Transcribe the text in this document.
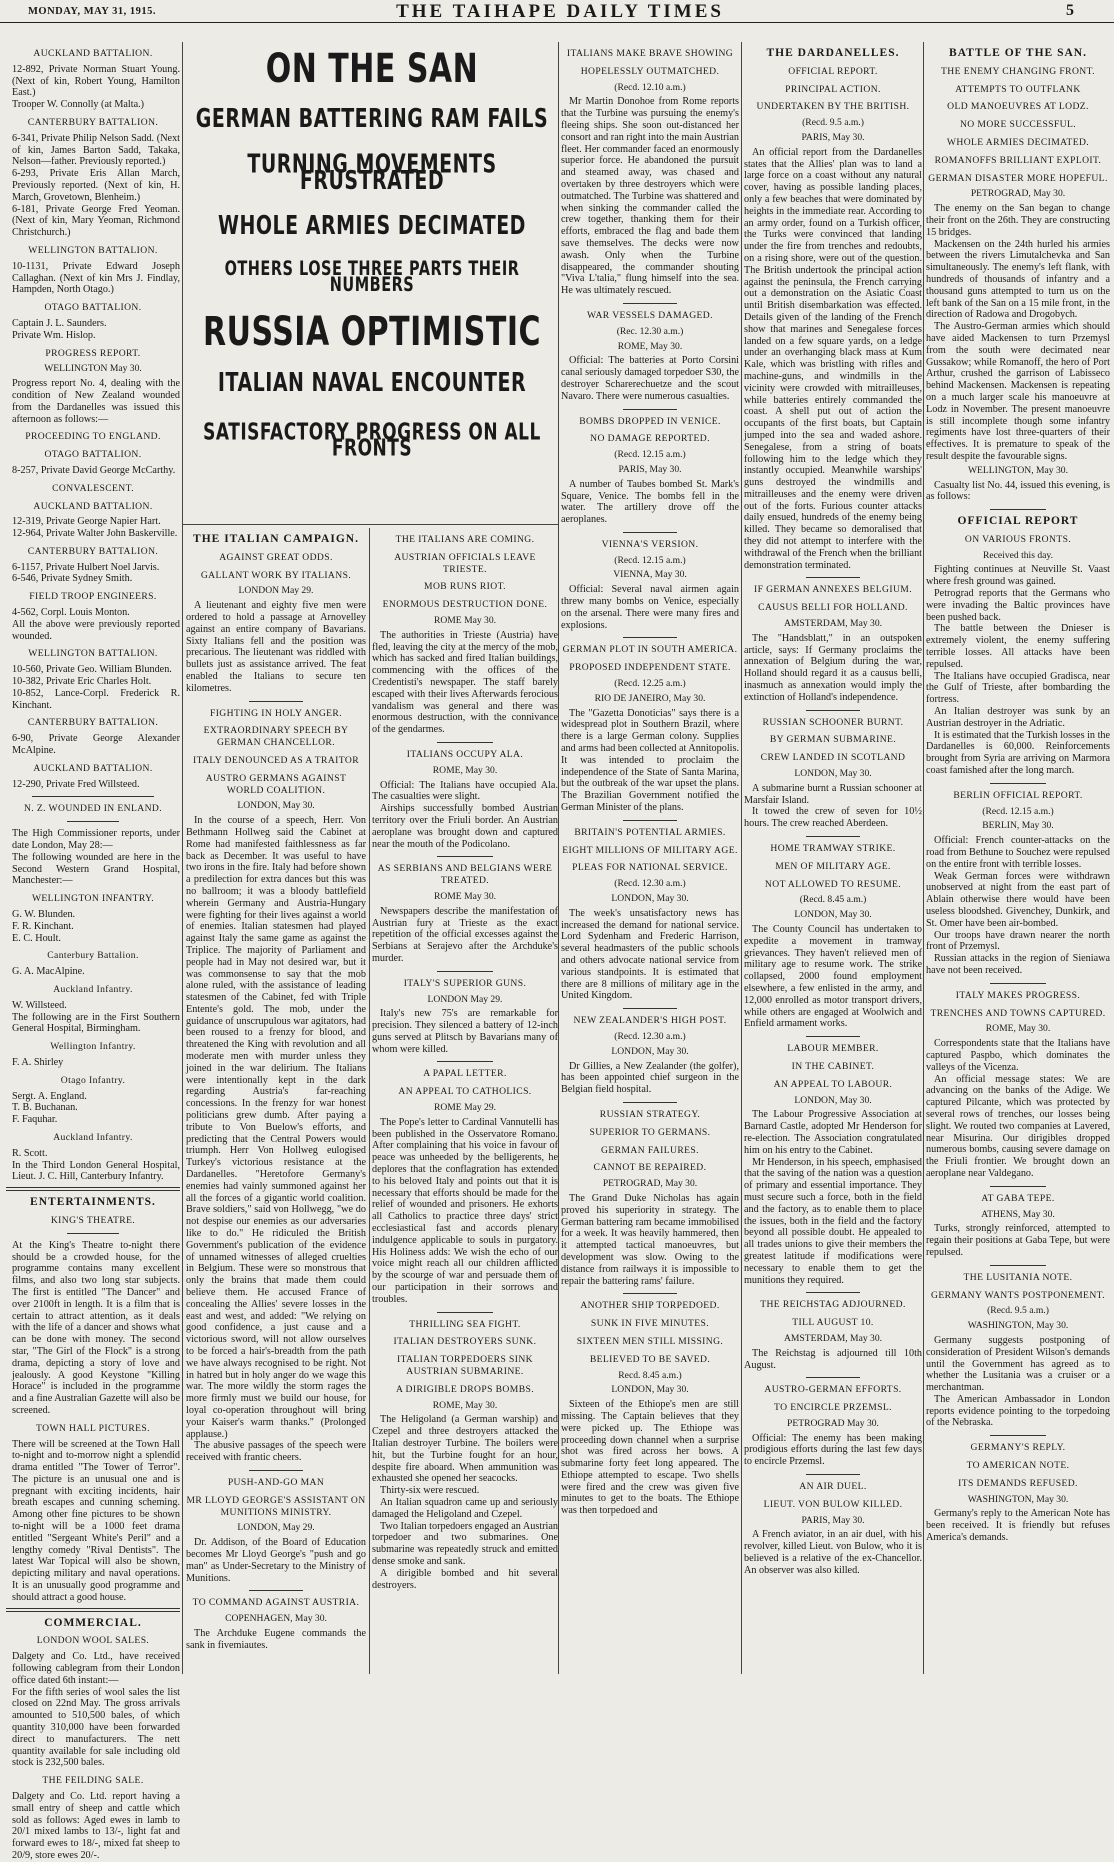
MONDAY, MAY 31, 1915.	THE TAIHAPE DAILY TIMES	5
AUCKLAND BATTALION.

12-892, Private Norman Stuart Young. (Next of kin, Robert Young, Hamilton East.)

Trooper W. Connolly (at Malta.)

CANTERBURY BATTALION.

6-341, Private Philip Nelson Sadd. (Next of kin, James Barton Sadd, Takaka, Nelson—father. Previously reported.)

6-293, Private Eris Allan March, Previously reported. (Next of kin, H. March, Grovetown, Blenheim.)

6-181, Private George Fred Yeoman. (Next of kin, Mary Yeoman, Richmond Christchurch.)

WELLINGTON BATTALION.

10-1131, Private Edward Joseph Callaghan. (Next of kin Mrs J. Findlay, Hampden, North Otago.)

OTAGO BATTALION.

Captain J. L. Saunders.

Private Wm. Hislop.

PROGRESS REPORT.
WELLINGTON May 30.

Progress report No. 4, dealing with the condition of New Zealand wounded from the Dardanelles was issued this afternoon as follows:—

PROCEEDING TO ENGLAND.
OTAGO BATTALION.

8-257, Private David George McCarthy.

CONVALESCENT.
AUCKLAND BATTALION.

12-319, Private George Napier Hart.

12-964, Private Walter John Baskerville.

CANTERBURY BATTALION.

6-1157, Private Hulbert Noel Jarvis.

6-546, Private Sydney Smith.

FIELD TROOP ENGINEERS.

4-562, Corpl. Louis Monton.

All the above were previously reported wounded.

WELLINGTON BATTALION.

10-560, Private Geo. William Blunden.

10-382, Private Eric Charles Holt.

10-852, Lance-Corpl. Frederick R. Kinchant.

CANTERBURY BATTALION.

6-90, Private George Alexander McAlpine.

AUCKLAND BATTALION.

12-290, Private Fred Willsteed.

N. Z. WOUNDED IN ENLAND.

The High Commissioner reports, under date London, May 28:—

The following wounded are here in the Second Western Grand Hospital, Manchester:—

WELLINGTON INFANTRY.

G. W. Blunden.

F. R. Kinchant.

E. C. Hoult.

Canterbury Battalion.

G. A. MacAlpine.

Auckland Infantry.

W. Willsteed.

The following are in the First Southern General Hospital, Birmingham.

Wellington Infantry.

F. A. Shirley

Otago Infantry.

Sergt. A. England.

T. B. Buchanan.

F. Faquhar.

Auckland Infantry.

R. Scott.

In the Third London General Hospital, Lieut. J. C. Hill, Canterbury Infantry.

ENTERTAINMENTS.
KING'S THEATRE.

At the King's Theatre to-night there should be a crowded house, for the programme contains many excellent films, and also two long star subjects. The first is entitled "The Dancer" and over 2100ft in length. It is a film that is certain to attract attention, as it deals with the life of a dancer and shows what can be done with money. The second star, "The Girl of the Flock" is a strong drama, depicting a story of love and jealously. A good Keystone "Killing Horace" is included in the programme and a fine Australian Gazette will also be screened.

TOWN HALL PICTURES.

There will be screened at the Town Hall to-night and to-morrow night a splendid drama entitled "The Tower of Terror". The picture is an unusual one and is pregnant with exciting incidents, hair breath escapes and cunning scheming. Among other fine pictures to be shown to-night will be a 1000 feet drama entitled "Sergeant White's Peril" and a lengthy comedy "Rival Dentists". The latest War Topical will also be shown, depicting military and naval operations. It is an unusually good programme and should attract a good house.

COMMERCIAL.
LONDON WOOL SALES.

Dalgety and Co. Ltd., have received following cablegram from their London office dated 6th instant:—

For the fifth series of wool sales the list closed on 22nd May. The gross arrivals amounted to 510,500 bales, of which quantity 310,000 have been forwarded direct to manufacturers. The nett quantity available for sale including old stock is 232,500 bales.

THE FEILDING SALE.

Dalgety and Co. Ltd. report having a small entry of sheep and cattle which sold as follows: Aged ewes in lamb to 20/1 mixed lambs to 13/-, light fat and forward ewes to 18/-, mixed fat sheep to 20/9, store ewes 20/-.

ON THE SAN
GERMAN BATTERING RAM FAILS
TURNING MOVEMENTS FRUSTRATED
WHOLE ARMIES DECIMATED
OTHERS LOSE THREE PARTS THEIR NUMBERS
RUSSIA OPTIMISTIC
ITALIAN NAVAL ENCOUNTER
SATISFACTORY PROGRESS ON ALL FRONTS
THE ITALIAN CAMPAIGN.
AGAINST GREAT ODDS.
GALLANT WORK BY ITALIANS.
LONDON May 29.

A lieutenant and eighty five men were ordered to hold a passage at Arnovelley against an entire company of Bavarians. Sixty Italians fell and the position was precarious. The lieutenant was riddled with bullets just as assistance arrived. The feat enabled the Italians to secure ten kilometres.

FIGHTING IN HOLY ANGER.
EXTRAORDINARY SPEECH BY GERMAN CHANCELLOR.
ITALY DENOUNCED AS A TRAITOR
AUSTRO GERMANS AGAINST WORLD COALITION.
LONDON, May 30.

In the course of a speech, Herr. Von Bethmann Hollweg said the Cabinet at Rome had manifested faithlessness as far back as December. It was useful to have two irons in the fire. Italy had before shown a predilection for extra dances but this was no ballroom; it was a bloody battlefield wherein Germany and Austria-Hungary were fighting for their lives against a world of enemies. Italian statesmen had played against Italy the same game as against the Triplice. The majority of Parliament and people had in May not desired war, but it was commonsense to say that the mob alone ruled, with the assistance of leading statesmen of the Cabinet, fed with Triple Entente's gold. The mob, under the guidance of unscrupulous war agitators, had been roused to a frenzy for blood, and threatened the King with revolution and all moderate men with murder unless they joined in the war delirium. The Italians were intentionally kept in the dark regarding Austria's far-reaching concessions. In the frenzy for war honest politicians grew dumb. After paying a tribute to Von Buelow's efforts, and predicting that the Central Powers would triumph. Herr Von Hollweg eulogised Turkey's victorious resistance at the Dardanelles. "Heretofore Germany's enemies had vainly summoned against her all the forces of a gigantic world coalition. Brave soldiers," said von Hollwegg, "we do not despise our enemies as our adversaries like to do." He ridiculed the British Government's publication of the evidence of unnamed witnesses of alleged cruelties in Belgium. These were so monstrous that only the brains that made them could believe them. He accused France of concealing the Allies' severe losses in the east and west, and added: "We relying on good confidence, a just cause and a victorious sword, will not allow ourselves to be forced a hair's-breadth from the path we have always recognised to be right. Not in hatred but in holy anger do we wage this war. The more wildly the storm rages the more firmly must we build our house, for loyal co-operation throughout will bring your Kaiser's warm thanks." (Prolonged applause.)

The abusive passages of the speech were received with frantic cheers.

PUSH-AND-GO MAN
MR LLOYD GEORGE'S ASSISTANT ON MUNITIONS MINISTRY.
LONDON, May 29.

Dr. Addison, of the Board of Education becomes Mr Lloyd George's "push and go man" as Under-Secretary to the Ministry of Munitions.

TO COMMAND AGAINST AUSTRIA.
COPENHAGEN, May 30.

The Archduke Eugene commands the sank in fivemiautes.

THE ITALIANS ARE COMING.
AUSTRIAN OFFICIALS LEAVE TRIESTE.
MOB RUNS RIOT.
ENORMOUS DESTRUCTION DONE.
ROME May 30.

The authorities in Trieste (Austria) have fled, leaving the city at the mercy of the mob, which has sacked and fired Italian buildings, commencing with the offices of the Credentisti's newspaper. The staff barely escaped with their lives Afterwards ferocious vandalism was general and there was enormous destruction, with the connivance of the gendarmes.

ITALIANS OCCUPY ALA.
ROME, May 30.

Official: The Italians have occupied Ala. The casualties were slight.

Airships successfully bombed Austrian territory over the Friuli border. An Austrian aeroplane was brought down and captured near the mouth of the Podicolano.

AS SERBIANS AND BELGIANS WERE TREATED.
ROME May 30.

Newspapers describe the manifestation of Austrian fury at Trieste as the exact repetition of the official excesses against the Serbians at Serajevo after the Archduke's murder.

ITALY'S SUPERIOR GUNS.
LONDON May 29.

Italy's new 75's are remarkable for precision. They silenced a battery of 12-inch guns served at Plitsch by Bavarians many of whom were killed.

A PAPAL LETTER.
AN APPEAL TO CATHOLICS.
ROME May 29.

The Pope's letter to Cardinal Vannutelli has been published in the Osservatore Romano. After complaining that his voice in favour of peace was unheeded by the belligerents, he deplores that the conflagration has extended to his beloved Italy and points out that it is necessary that efforts should be made for the relief of wounded and prisoners. He exhorts all Catholics to practice three days' strict ecclesiastical fast and accords plenary indulgence applicable to souls in purgatory. His Holiness adds: We wish the echo of our voice might reach all our children afflicted by the scourge of war and persuade them of our participation in their sorrows and troubles.

THRILLING SEA FIGHT.
ITALIAN DESTROYERS SUNK.
ITALIAN TORPEDOERS SINK AUSTRIAN SUBMARINE.
A DIRIGIBLE DROPS BOMBS.
ROME, May 30.

The Heligoland (a German warship) and Czepel and three destroyers attacked the Italian destroyer Turbine. The boilers were hit, but the Turbine fought for an hour, despite fire aboard. When ammunition was exhausted she opened her seacocks.

Thirty-six were rescued.

An Italian squadron came up and seriously damaged the Heligoland and Czepel.

Two Italian torpedoers engaged an Austrian torpedoer and two submarines. One submarine was repeatedly struck and emitted dense smoke and sank.

A dirigible bombed and hit several destroyers.

ITALIANS MAKE BRAVE SHOWING
HOPELESSLY OUTMATCHED.
(Recd. 12.10 a.m.)

Mr Martin Donohoe from Rome reports that the Turbine was pursuing the enemy's fleeing ships. She soon out-distanced her consort and ran right into the main Austrian fleet. Her commander faced an enormously superior force. He abandoned the pursuit and steamed away, was chased and overtaken by three destroyers which were outmatched. The Turbine was shattered and when sinking the commander called the crew together, thanking them for their efforts, embraced the flag and bade them save themselves. The decks were now awash. Only when the Turbine disappeared, the commander shouting "Viva L'talia," flung himself into the sea. He was ultimately rescued.

WAR VESSELS DAMAGED.
(Rec. 12.30 a.m.)
ROME, May 30.

Official: The batteries at Porto Corsini canal seriously damaged torpedoer S30, the destroyer Scharerechuetze and the scout Navaro. There were numerous casualties.

BOMBS DROPPED IN VENICE.
NO DAMAGE REPORTED.
(Recd. 12.15 a.m.)
PARIS, May 30.

A number of Taubes bombed St. Mark's Square, Venice. The bombs fell in the water. The artillery drove off the aeroplanes.

VIENNA'S VERSION.
(Recd. 12.15 a.m.)
VIENNA, May 30.

Official: Several naval airmen again threw many bombs on Venice, especially on the arsenal. There were many fires and explosions.

GERMAN PLOT IN SOUTH AMERICA.
PROPOSED INDEPENDENT STATE.
(Recd. 12.25 a.m.)
RIO DE JANEIRO, May 30.

The "Gazetta Donoticias" says there is a widespread plot in Southern Brazil, where there is a large German colony. Supplies and arms had been collected at Annitopolis. It was intended to proclaim the independence of the State of Santa Marina, but the outbreak of the war upset the plans. The Brazilian Government notified the German Minister of the plans.

BRITAIN'S POTENTIAL ARMIES.
EIGHT MILLIONS OF MILITARY AGE.
PLEAS FOR NATIONAL SERVICE.
(Recd. 12.30 a.m.)
LONDON, May 30.

The week's unsatisfactory news has increased the demand for national service. Lord Sydenham and Frederic Harrison, several headmasters of the public schools and others advocate national service from various standpoints. It is estimated that there are 8 millions of military age in the United Kingdom.

NEW ZEALANDER'S HIGH POST.
(Recd. 12.30 a.m.)
LONDON, May 30.

Dr Gillies, a New Zealander (the golfer), has been appointed chief surgeon in the Belgian field hospital.

RUSSIAN STRATEGY.
SUPERIOR TO GERMANS.
GERMAN FAILURES.
CANNOT BE REPAIRED.
PETROGRAD, May 30.

The Grand Duke Nicholas has again proved his superiority in strategy. The German battering ram became immobilised for a week. It was heavily hammered, then it attempted tactical manoeuvres, but development was slow. Owing to the distance from railways it is impossible to repair the battering rams' failure.

ANOTHER SHIP TORPEDOED.
SUNK IN FIVE MINUTES.
SIXTEEN MEN STILL MISSING.
BELIEVED TO BE SAVED.
Recd. 8.45 a.m.)
LONDON, May 30.

Sixteen of the Ethiope's men are still missing. The Captain believes that they were picked up. The Ethiope was proceeding down channel when a surprise shot was fired across her bows. A submarine forty feet long appeared. The Ethiope attempted to escape. Two shells were fired and the crew was given five minutes to get to the boats. The Ethiope was then torpedoed and

THE DARDANELLES.
OFFICIAL REPORT.
PRINCIPAL ACTION.
UNDERTAKEN BY THE BRITISH.
(Recd. 9.5 a.m.)
PARIS, May 30.

An official report from the Dardanelles states that the Allies' plan was to land a large force on a coast without any natural cover, having as possible landing places, only a few beaches that were dominated by heights in the immediate rear. According to an army order, found on a Turkish officer, the Turks were convinced that landing under the fire from trenches and redoubts, on a rising shore, were out of the question. The British undertook the principal action against the peninsula, the French carrying out a demonstration on the Asiatic Coast until British disembarkation was effected. Details given of the landing of the French show that marines and Senegalese forces landed on a few square yards, on a ledge under an overhanging black mass at Kum Kale, which was bristling with rifles and machine-guns, and windmills in the vicinity were crowded with mitrailleuses, while batteries entirely commanded the coast. A shell put out of action the occupants of the first boats, but Captain jumped into the sea and waded ashore. Senegalese, from a string of boats following him to the ledge which they instantly occupied. Meanwhile warships' guns destroyed the windmills and mitrailleuses and the enemy were driven out of the forts. Furious counter attacks daily ensued, hundreds of the enemy being killed. They became so demoralised that they did not attempt to interfere with the withdrawal of the French when the brilliant demonstration terminated.

IF GERMAN ANNEXES BELGIUM.
CAUSUS BELLI FOR HOLLAND.
AMSTERDAM, May 30.

The "Handsblatt," in an outspoken article, says: If Germany proclaims the annexation of Belgium during the war, Holland should regard it as a causus belli, inasmuch as annexation would imply the extinction of Holland's independence.

RUSSIAN SCHOONER BURNT.
BY GERMAN SUBMARINE.
CREW LANDED IN SCOTLAND
LONDON, May 30.

A submarine burnt a Russian schooner at Marsfair Island.

It towed the crew of seven for 10½ hours. The crew reached Aberdeen.

HOME TRAMWAY STRIKE.
MEN OF MILITARY AGE.
NOT ALLOWED TO RESUME.
(Recd. 8.45 a.m.)
LONDON, May 30.

The County Council has undertaken to expedite a movement in tramway grievances. They haven't relieved men of military age to resume work. The strike collapsed, 2000 found employment elsewhere, a few enlisted in the army, and 12,000 enrolled as motor transport drivers, while others are engaged at Woolwich and Enfield armament works.

LABOUR MEMBER.
IN THE CABINET.
AN APPEAL TO LABOUR.
LONDON, May 30.

The Labour Progressive Association at Barnard Castle, adopted Mr Henderson for re-election. The Association congratulated him on his entry to the Cabinet.

Mr Henderson, in his speech, emphasised that the saving of the nation was a question of primary and essential importance. They must secure such a force, both in the field and the factory, as to enable them to place the issues, both in the field and the factory beyond all possible doubt. He appealed to all trades unions to give their members the greatest latitude if modifications were necessary to enable them to get the munitions they required.

THE REICHSTAG ADJOURNED.
TILL AUGUST 10.
AMSTERDAM, May 30.

The Reichstag is adjourned till 10th August.

AUSTRO-GERMAN EFFORTS.
TO ENCIRCLE PRZEMSL.
PETROGRAD May 30.

Official: The enemy has been making prodigious efforts during the last few days to encircle Przemsl.

AN AIR DUEL.
LIEUT. VON BULOW KILLED.
PARIS, May 30.

A French aviator, in an air duel, with his revolver, killed Lieut. von Bulow, who it is believed is a relative of the ex-Chancellor. An observer was also killed.

BATTLE OF THE SAN.
THE ENEMY CHANGING FRONT.
ATTEMPTS TO OUTFLANK
OLD MANOEUVRES AT LODZ.
NO MORE SUCCESSFUL.
WHOLE ARMIES DECIMATED.
ROMANOFFS BRILLIANT EXPLOIT.
GERMAN DISASTER MORE HOPEFUL.
PETROGRAD, May 30.

The enemy on the San began to change their front on the 26th. They are constructing 15 bridges.

Mackensen on the 24th hurled his armies between the rivers Limutalchevka and San simultaneously. The enemy's left flank, with hundreds of thousands of infantry and a thousand guns attempted to turn us on the left bank of the San on a 15 mile front, in the direction of Radowa and Drogobych.

The Austro-German armies which should have aided Mackensen to turn Przemysl from the south were decimated near Gussakow; while Romanoff, the hero of Port Arthur, crushed the garrison of Labisseco behind Mackensen. Mackensen is repeating on a much larger scale his manoeuvre at Lodz in November. The present manoeuvre is still incomplete though some infantry regiments have lost three-quarters of their effectives. It is premature to speak of the result despite the favourable signs.

WELLINGTON, May 30.

Casualty list No. 44, issued this evening, is as follows:

OFFICIAL REPORT
ON VARIOUS FRONTS.
Received this day.

Fighting continues at Neuville St. Vaast where fresh ground was gained.

Petrograd reports that the Germans who were invading the Baltic provinces have been pushed back.

The battle between the Dnieser is extremely violent, the enemy suffering terrible losses. All attacks have been repulsed.

The Italians have occupied Gradisca, near the Gulf of Trieste, after bombarding the fortress.

An Italian destroyer was sunk by an Austrian destroyer in the Adriatic.

It is estimated that the Turkish losses in the Dardanelles is 60,000. Reinforcements brought from Syria are arriving on Marmora coast famished after the long march.

BERLIN OFFICIAL REPORT.
(Recd. 12.15 a.m.)
BERLIN, May 30.

Official: French counter-attacks on the road from Bethune to Souchez were repulsed on the entire front with terrible losses.

Weak German forces were withdrawn unobserved at night from the east part of Ablain otherwise there would have been useless bloodshed. Givenchey, Dunkirk, and St. Omer have been air-bombed.

Our troops have drawn nearer the north front of Przemysl.

Russian attacks in the region of Sieniawa have not been received.

ITALY MAKES PROGRESS.
TRENCHES AND TOWNS CAPTURED.
ROME, May 30.

Correspondents state that the Italians have captured Paspbo, which dominates the valleys of the Vicenza.

An official message states: We are advancing on the banks of the Adige. We captured Pilcante, which was protected by several rows of trenches, our losses being slight. We routed two companies at Lavered, near Misurina. Our dirigibles dropped numerous bombs, causing severe damage on the Friuli frontier. We brought down an aeroplane near Valdegano.

AT GABA TEPE.
ATHENS, May 30.

Turks, strongly reinforced, attempted to regain their positions at Gaba Tepe, but were repulsed.

THE LUSITANIA NOTE.
GERMANY WANTS POSTPONEMENT.
(Recd. 9.5 a.m.)
WASHINGTON, May 30.

Germany suggests postponing of consideration of President Wilson's demands until the Government has agreed as to whether the Lusitania was a cruiser or a merchantman.

The American Ambassador in London reports evidence pointing to the torpedoing of the Nebraska.

GERMANY'S REPLY.
TO AMERICAN NOTE.
ITS DEMANDS REFUSED.
WASHINGTON, May 30.

Germany's reply to the American Note has been received. It is friendly but refuses America's demands.
